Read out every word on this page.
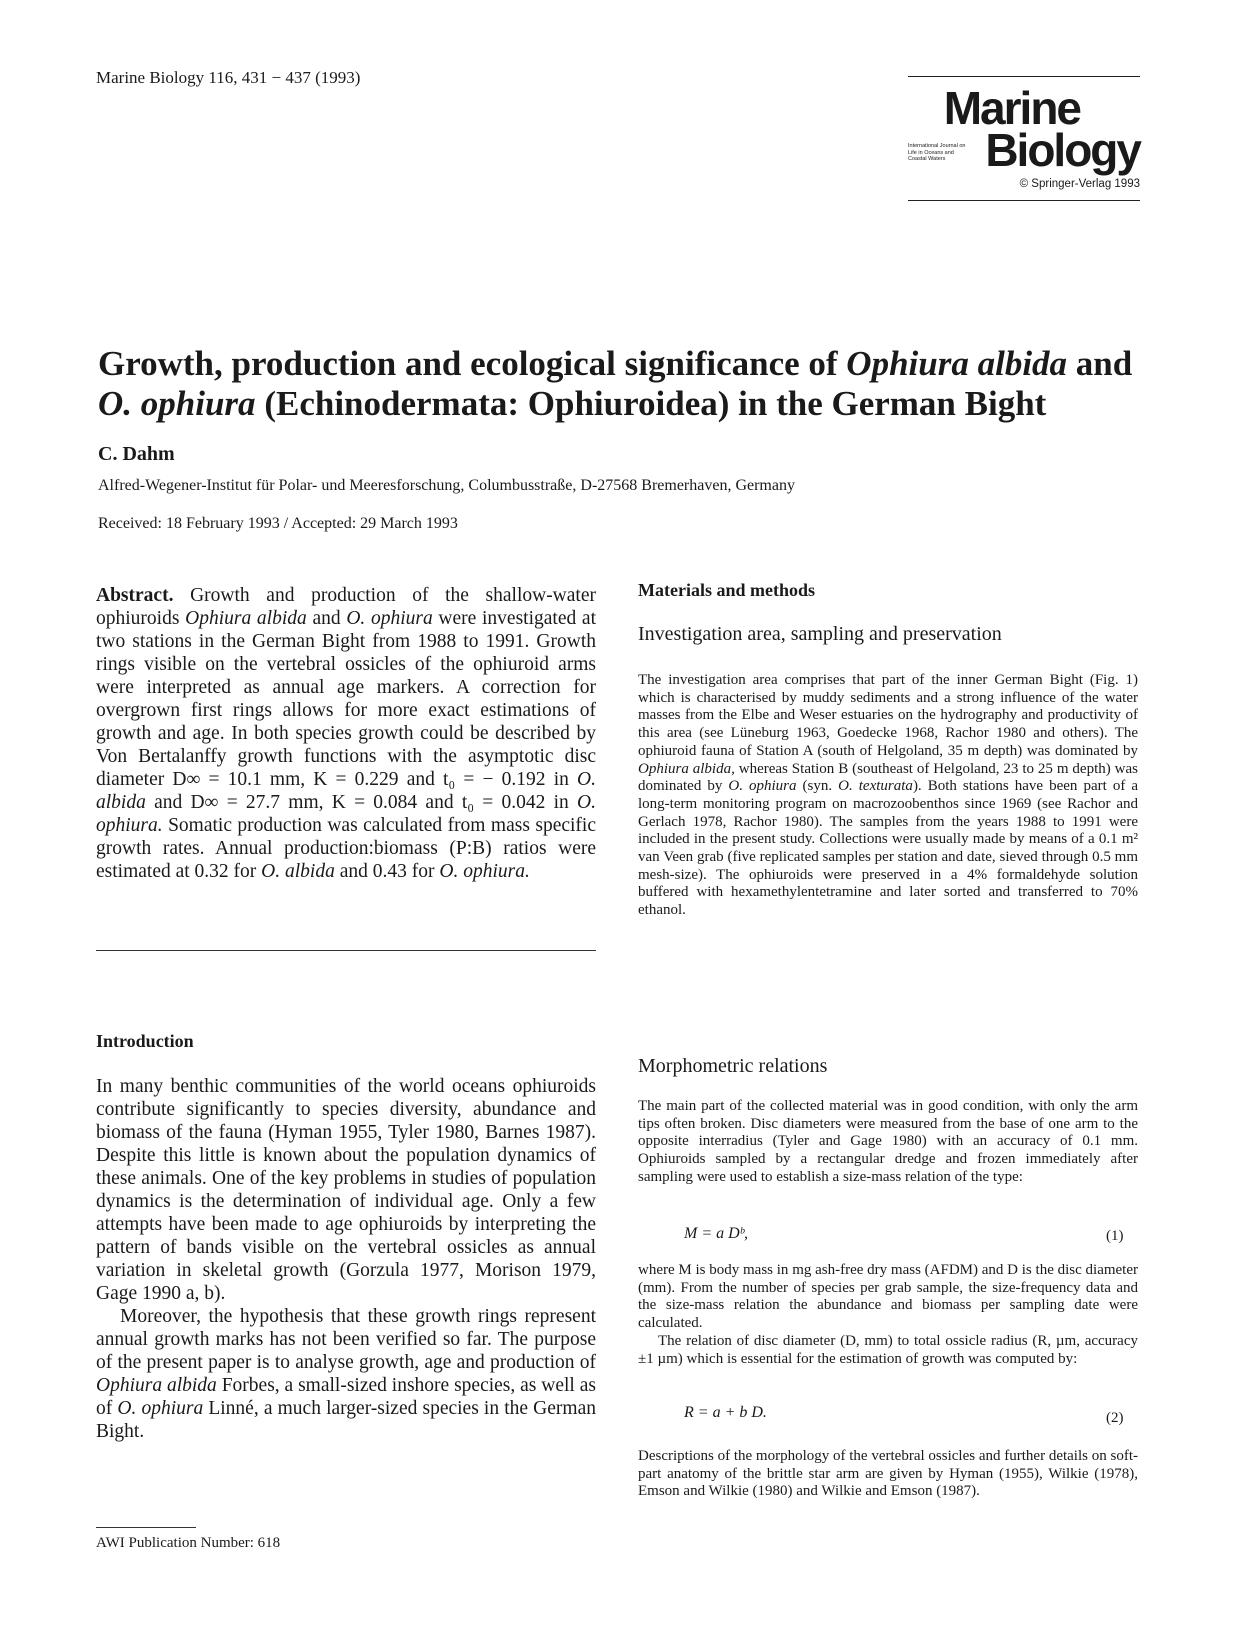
Marine Biology 116, 431 − 437 (1993)
Marine
International Journal on Life in Oceans and Coastal Waters Biology
© Springer-Verlag 1993
Growth, production and ecological significance of Ophiura albida and O. ophiura (Echinodermata: Ophiuroidea) in the German Bight
C. Dahm
Alfred-Wegener-Institut für Polar- und Meeresforschung, Columbusstraße, D-27568 Bremerhaven, Germany
Received: 18 February 1993 / Accepted: 29 March 1993
Abstract. Growth and production of the shallow-water ophiuroids Ophiura albida and O. ophiura were investigated at two stations in the German Bight from 1988 to 1991. Growth rings visible on the vertebral ossicles of the ophiuroid arms were interpreted as annual age markers. A correction for overgrown first rings allows for more exact estimations of growth and age. In both species growth could be described by Von Bertalanffy growth functions with the asymptotic disc diameter D∞ = 10.1 mm, K = 0.229 and t₀ = − 0.192 in O. albida and D∞ = 27.7 mm, K = 0.084 and t₀ = 0.042 in O. ophiura. Somatic production was calculated from mass specific growth rates. Annual production:biomass (P:B) ratios were estimated at 0.32 for O. albida and 0.43 for O. ophiura.
Introduction

In many benthic communities of the world oceans ophiuroids contribute significantly to species diversity, abundance and biomass of the fauna (Hyman 1955, Tyler 1980, Barnes 1987). Despite this little is known about the population dynamics of these animals. One of the key problems in studies of population dynamics is the determination of individual age. Only a few attempts have been made to age ophiuroids by interpreting the pattern of bands visible on the vertebral ossicles as annual variation in skeletal growth (Gorzula 1977, Morison 1979, Gage 1990 a, b).

Moreover, the hypothesis that these growth rings represent annual growth marks has not been verified so far. The purpose of the present paper is to analyse growth, age and production of Ophiura albida Forbes, a small-sized inshore species, as well as of O. ophiura Linné, a much larger-sized species in the German Bight.

AWI Publication Number: 618
Materials and methods
Investigation area, sampling and preservation
The investigation area comprises that part of the inner German Bight (Fig. 1) which is characterised by muddy sediments and a strong influence of the water masses from the Elbe and Weser estuaries on the hydrography and productivity of this area (see Lüneburg 1963, Goedecke 1968, Rachor 1980 and others). The ophiuroid fauna of Station A (south of Helgoland, 35 m depth) was dominated by Ophiura albida, whereas Station B (southeast of Helgoland, 23 to 25 m depth) was dominated by O. ophiura (syn. O. texturata). Both stations have been part of a long-term monitoring program on macrozoobenthos since 1969 (see Rachor and Gerlach 1978, Rachor 1980). The samples from the years 1988 to 1991 were included in the present study. Collections were usually made by means of a 0.1 m² van Veen grab (five replicated samples per station and date, sieved through 0.5 mm mesh-size). The ophiuroids were preserved in a 4% formaldehyde solution buffered with hexamethylentetramine and later sorted and transferred to 70% ethanol.
Morphometric relations
The main part of the collected material was in good condition, with only the arm tips often broken. Disc diameters were measured from the base of one arm to the opposite interradius (Tyler and Gage 1980) with an accuracy of 0.1 mm. Ophiuroids sampled by a rectangular dredge and frozen immediately after sampling were used to establish a size-mass relation of the type:
M = a Dᵇ,	(1)
where M is body mass in mg ash-free dry mass (AFDM) and D is the disc diameter (mm). From the number of species per grab sample, the size-frequency data and the size-mass relation the abundance and biomass per sampling date were calculated.
The relation of disc diameter (D, mm) to total ossicle radius (R, µm, accuracy ±1 µm) which is essential for the estimation of growth was computed by:
R = a + b D.	(2)
Descriptions of the morphology of the vertebral ossicles and further details on soft-part anatomy of the brittle star arm are given by Hyman (1955), Wilkie (1978), Emson and Wilkie (1980) and Wilkie and Emson (1987).
